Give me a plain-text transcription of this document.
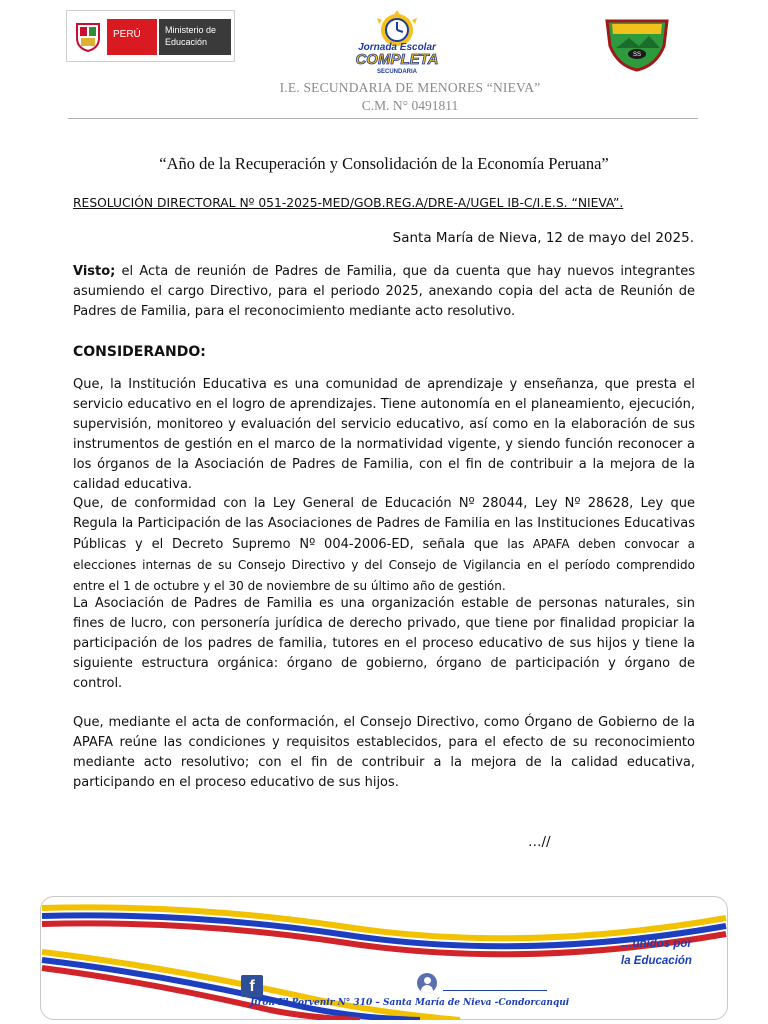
PERÚ	Ministerio de Educación	Jornada Escolar
COMPLETA
SECUNDARIA
SS
I.E. SECUNDARIA DE MENORES “NIEVA”
C.M. N° 0491811
“Año de la Recuperación y Consolidación de la Economía Peruana”
RESOLUCIÓN DIRECTORAL Nº 051-2025-MED/GOB.REG.A/DRE-A/UGEL IB-C/I.E.S. “NIEVA”.
Santa María de Nieva, 12 de mayo del 2025.
Visto; el Acta de reunión de Padres de Familia, que da cuenta que hay nuevos integrantes asumiendo el cargo Directivo, para el periodo 2025, anexando copia del acta de Reunión de Padres de Familia, para el reconocimiento mediante acto resolutivo.
CONSIDERANDO:
Que, la Institución Educativa es una comunidad de aprendizaje y enseñanza, que presta el servicio educativo en el logro de aprendizajes. Tiene autonomía en el planeamiento, ejecución, supervisión, monitoreo y evaluación del servicio educativo, así como en la elaboración de sus instrumentos de gestión en el marco de la normatividad vigente, y siendo función reconocer a los órganos de la Asociación de Padres de Familia, con el fin de contribuir a la mejora de la calidad educativa.
Que, de conformidad con la Ley General de Educación Nº 28044, Ley Nº 28628, Ley que Regula la Participación de las Asociaciones de Padres de Familia en las Instituciones Educativas Públicas y el Decreto Supremo Nº 004-2006-ED, señala que las APAFA deben convocar a elecciones internas de su Consejo Directivo y del Consejo de Vigilancia en el período comprendido entre el 1 de octubre y el 30 de noviembre de su último año de gestión.
La Asociación de Padres de Familia es una organización estable de personas naturales, sin fines de lucro, con personería jurídica de derecho privado, que tiene por finalidad propiciar la participación de los padres de familia, tutores en el proceso educativo de sus hijos y tiene la siguiente estructura orgánica: órgano de gobierno, órgano de participación y órgano de control.
Que, mediante el acta de conformación, el Consejo Directivo, como Órgano de Gobierno de la APAFA reúne las condiciones y requisitos establecidos, para el efecto de su reconocimiento mediante acto resolutivo; con el fin de contribuir a la mejora de la calidad educativa, participando en el proceso educativo de sus hijos.
…//
…unidos por
la Educación
f
Jirón El Porvenir N° 310 – Santa María de Nieva -Condorcanqui
